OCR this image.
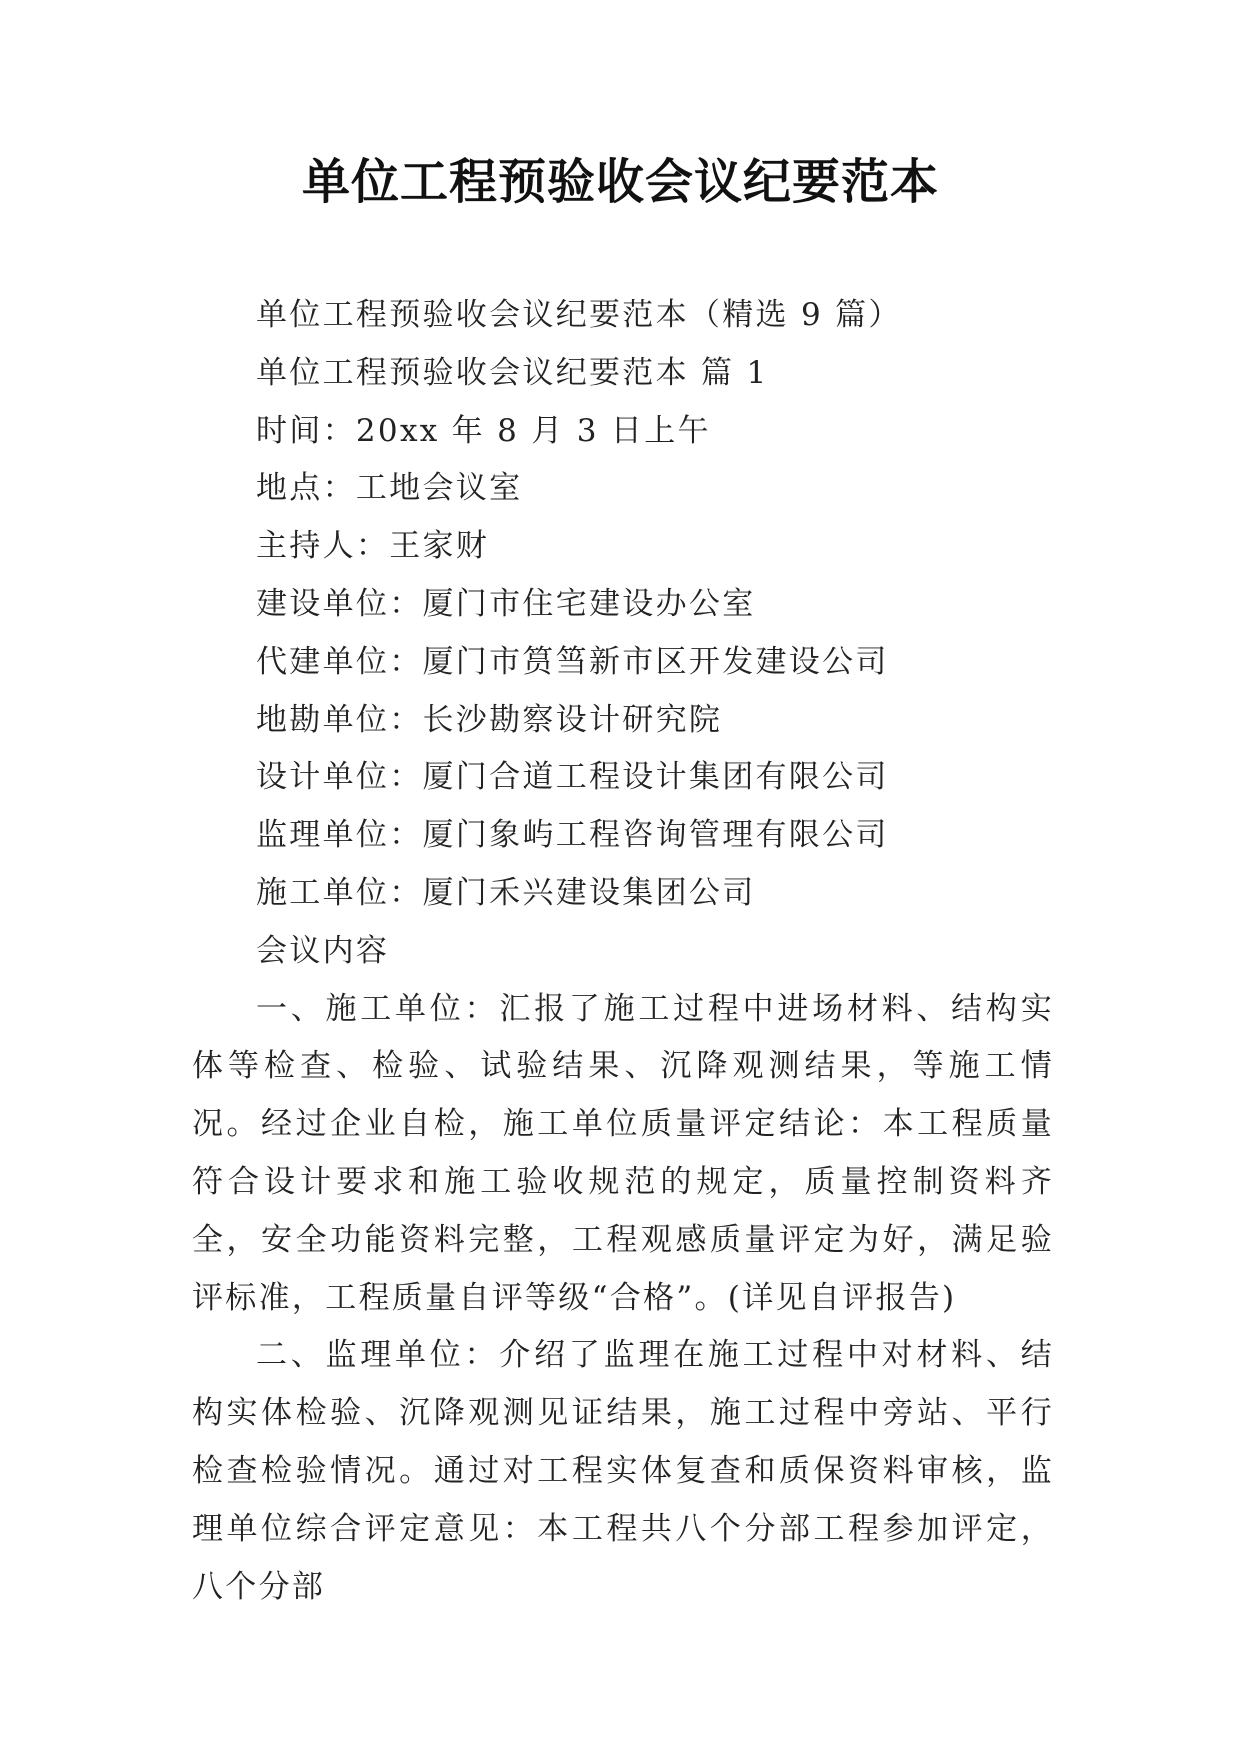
单位工程预验收会议纪要范本

单位工程预验收会议纪要范本（精选 9 篇）

单位工程预验收会议纪要范本 篇 1

时间：20xx 年 8 月 3 日上午

地点：工地会议室

主持人：王家财

建设单位：厦门市住宅建设办公室

代建单位：厦门市筼筜新市区开发建设公司

地勘单位：长沙勘察设计研究院

设计单位：厦门合道工程设计集团有限公司

监理单位：厦门象屿工程咨询管理有限公司

施工单位：厦门禾兴建设集团公司

会议内容

一、施工单位：汇报了施工过程中进场材料、结构实体等检查、检验、试验结果、沉降观测结果，等施工情况。经过企业自检，施工单位质量评定结论：本工程质量符合设计要求和施工验收规范的规定，质量控制资料齐全，安全功能资料完整，工程观感质量评定为好，满足验评标准，工程质量自评等级“合格”。(详见自评报告)

二、监理单位：介绍了监理在施工过程中对材料、结构实体检验、沉降观测见证结果，施工过程中旁站、平行检查检验情况。通过对工程实体复查和质保资料审核，监理单位综合评定意见：本工程共八个分部工程参加评定，八个分部
